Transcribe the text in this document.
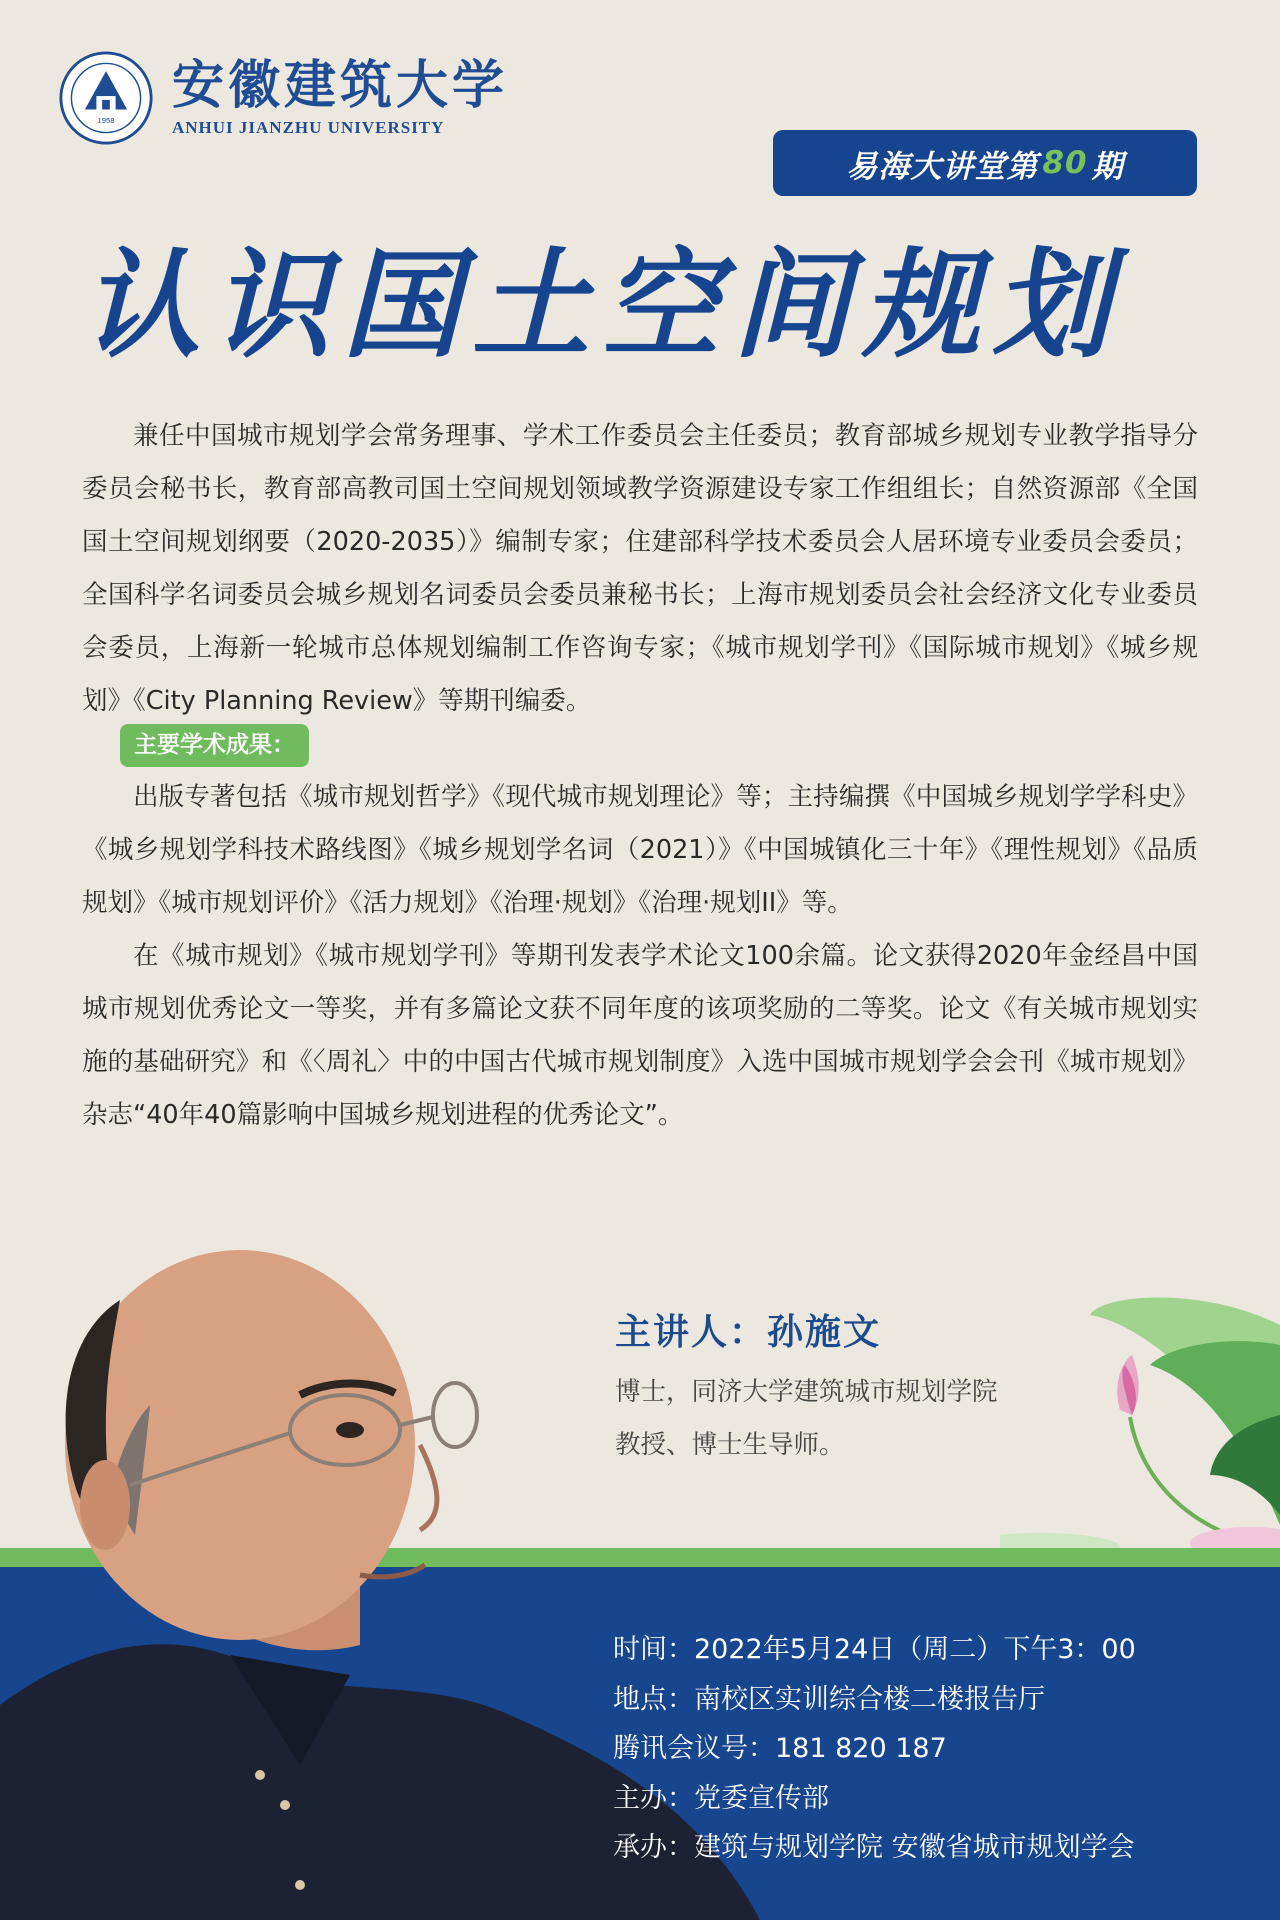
1958
安徽建筑大学
ANHUI JIANZHU UNIVERSITY
易海大讲堂第 80 期
认识国土空间规划

兼任中国城市规划学会常务理事、学术工作委员会主任委员；教育部城乡规划专业教学指导分委员会秘书长，教育部高教司国土空间规划领域教学资源建设专家工作组组长；自然资源部《全国国土空间规划纲要（2020-2035）》编制专家；住建部科学技术委员会人居环境专业委员会委员；全国科学名词委员会城乡规划名词委员会委员兼秘书长；上海市规划委员会社会经济文化专业委员会委员，上海新一轮城市总体规划编制工作咨询专家；《城市规划学刊》《国际城市规划》《城乡规划》《City Planning Review》等期刊编委。

主要学术成果：

出版专著包括《城市规划哲学》《现代城市规划理论》等；主持编撰《中国城乡规划学学科史》《城乡规划学科技术路线图》《城乡规划学名词（2021）》《中国城镇化三十年》《理性规划》《品质规划》《城市规划评价》《活力规划》《治理·规划》《治理·规划II》等。

在《城市规划》《城市规划学刊》等期刊发表学术论文100余篇。论文获得2020年金经昌中国城市规划优秀论文一等奖，并有多篇论文获不同年度的该项奖励的二等奖。论文《有关城市规划实施的基础研究》和《〈周礼〉中的中国古代城市规划制度》入选中国城市规划学会会刊《城市规划》杂志“40年40篇影响中国城乡规划进程的优秀论文”。

主讲人：孙施文
博士，同济大学建筑城市规划学院
教授、博士生导师。
时间：2022年5月24日（周二）下午3：00
地点：南校区实训综合楼二楼报告厅
腾讯会议号：181 820 187
主办：党委宣传部
承办：建筑与规划学院 安徽省城市规划学会
